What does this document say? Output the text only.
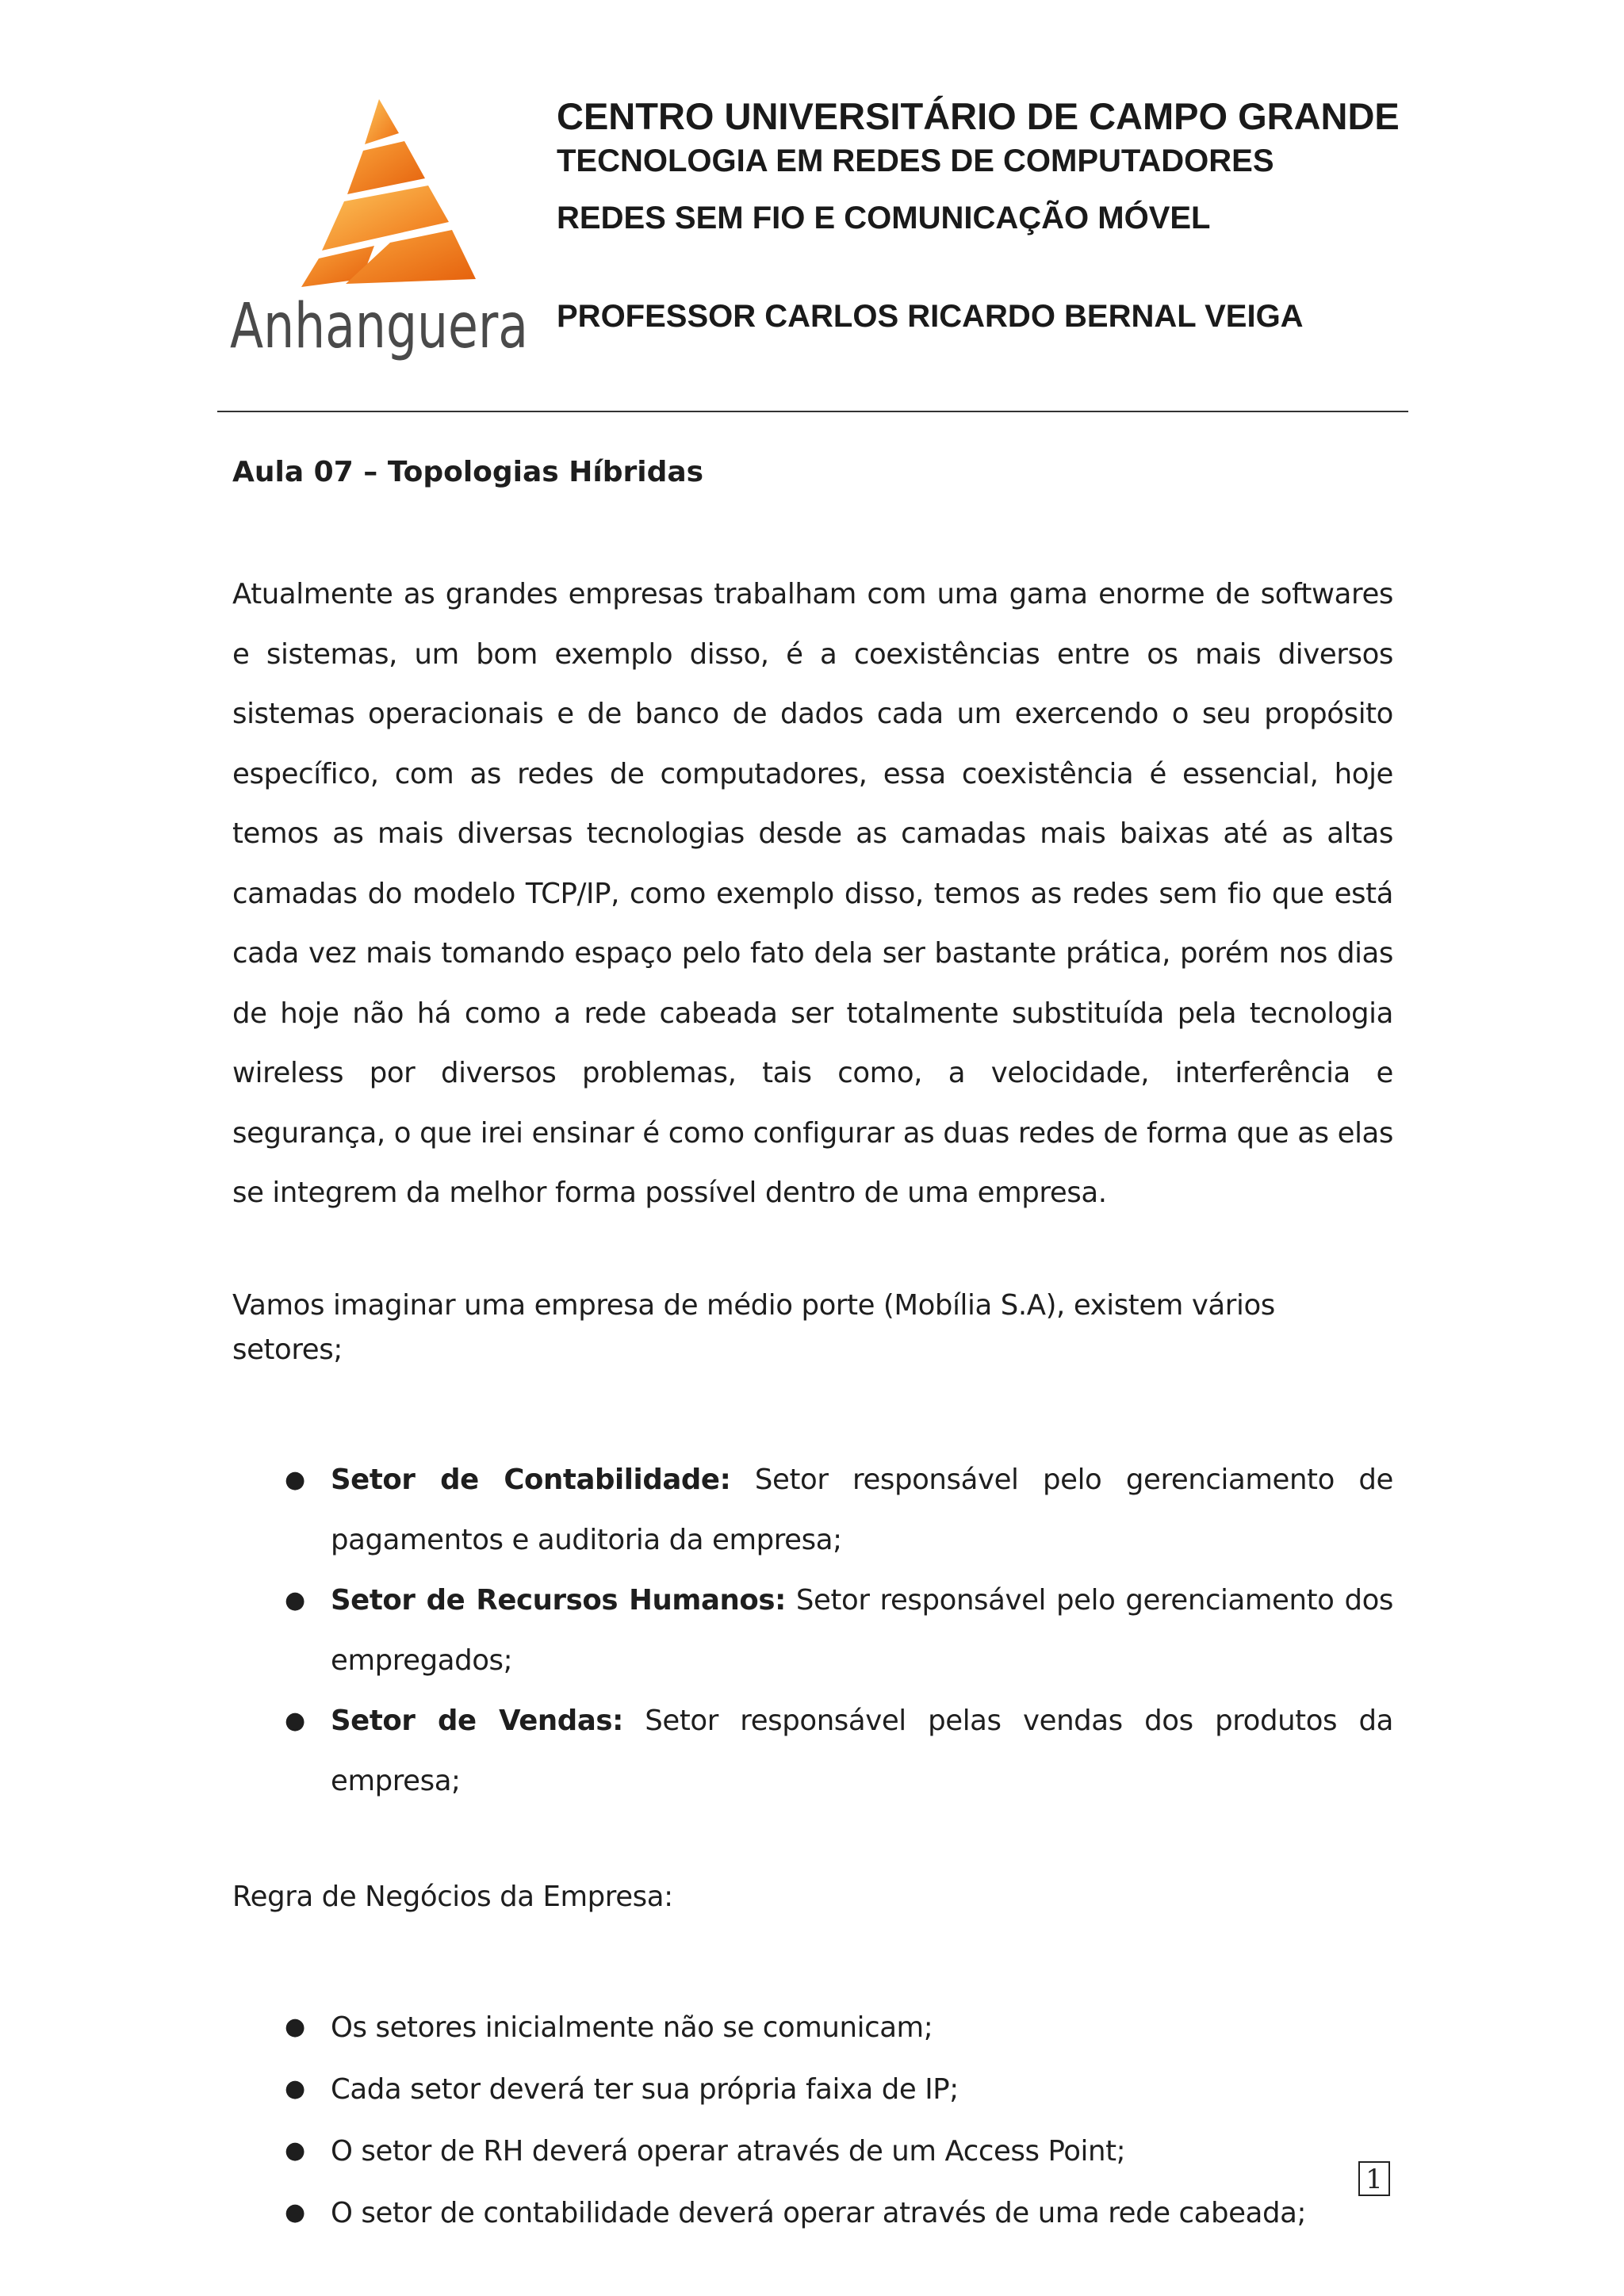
Anhanguera

CENTRO UNIVERSITÁRIO DE CAMPO GRANDE

TECNOLOGIA EM REDES DE COMPUTADORES

REDES SEM FIO E COMUNICAÇÃO MÓVEL

PROFESSOR CARLOS RICARDO BERNAL VEIGA

Aula 07 – Topologias Híbridas

Atualmente as grandes empresas trabalham com uma gama enorme de softwares e sistemas, um bom exemplo disso, é a coexistências entre os mais diversos sistemas operacionais e de banco de dados cada um exercendo o seu propósito específico, com as redes de computadores, essa coexistência é essencial, hoje temos as mais diversas tecnologias desde as camadas mais baixas até as altas camadas do modelo TCP/IP, como exemplo disso, temos as redes sem fio que está cada vez mais tomando espaço pelo fato dela ser bastante prática, porém nos dias de hoje não há como a rede cabeada ser totalmente substituída pela tecnologia wireless por diversos problemas, tais como, a velocidade, interferência e segurança, o que irei ensinar é como configurar as duas redes de forma que as elas se integrem da melhor forma possível dentro de uma empresa.

Vamos imaginar uma empresa de médio porte (Mobília S.A), existem vários setores;

● Setor de Contabilidade: Setor responsável pelo gerenciamento de pagamentos e auditoria da empresa;
● Setor de Recursos Humanos: Setor responsável pelo gerenciamento dos empregados;
● Setor de Vendas: Setor responsável pelas vendas dos produtos da empresa;

Regra de Negócios da Empresa:

● Os setores inicialmente não se comunicam;
● Cada setor deverá ter sua própria faixa de IP;
● O setor de RH deverá operar através de um Access Point;
● O setor de contabilidade deverá operar através de uma rede cabeada;
1
